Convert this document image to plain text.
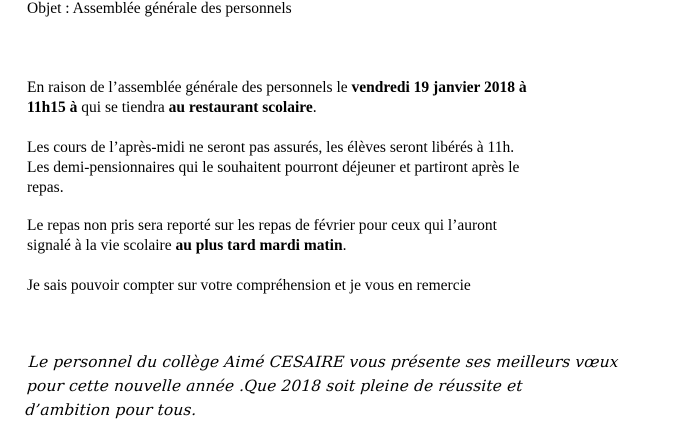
Objet : Assemblée générale des personnels

En raison de l’assemblée générale des personnels le vendredi 19 janvier 2018 à
11h15 à qui se tiendra au restaurant scolaire.

Les cours de l’après-midi ne seront pas assurés, les élèves seront libérés à 11h.
Les demi-pensionnaires qui le souhaitent pourront déjeuner et partiront après le
repas.

Le repas non pris sera reporté sur les repas de février pour ceux qui l’auront
signalé à la vie scolaire au plus tard mardi matin.

Je sais pouvoir compter sur votre compréhension et je vous en remercie

Le personnel du collège Aimé CESAIRE vous présente ses meilleurs vœux
pour cette nouvelle année .Que 2018 soit pleine de réussite et
d’ambition pour tous.
